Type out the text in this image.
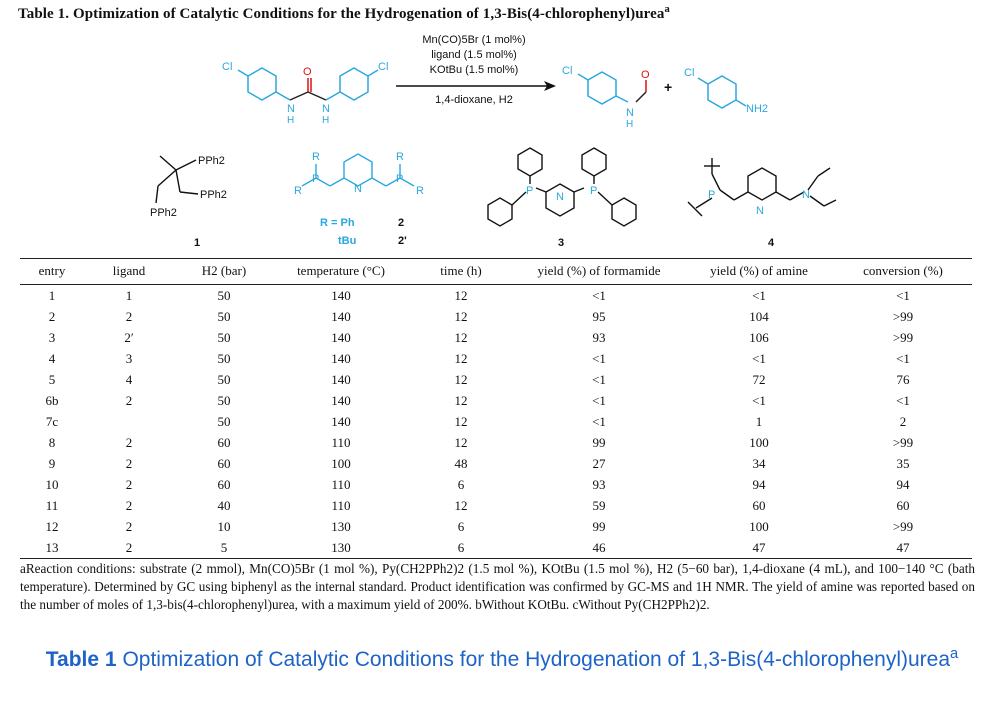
Table 1. Optimization of Catalytic Conditions for the Hydrogenation of 1,3-Bis(4-chlorophenyl)urea$^a$
O
N
H
N
H
Cl	Cl
Mn(CO)5Br (1 mol%)
ligand (1.5 mol%)
KOtBu (1.5 mol%)
1,4-dioxane, H2
O
N
H
Cl
+
Cl
NH2
PPh2
PPh2
PPh2
1
R
R
R
R
P	P
N
R = Ph
tBu
2
2'
P	P
N
3
P
N
N
4
entry	ligand	H2 (bar)	temperature (°C)	time (h)	yield (%) of formamide	yield (%) of amine	conversion (%)
1	1	50	140	12	<1	<1	<1
2	2	50	140	12	95	104	>99
3	2′	50	140	12	93	106	>99
4	3	50	140	12	<1	<1	<1
5	4	50	140	12	<1	72	76
6b	2	50	140	12	<1	<1	<1
7c		50	140	12	<1	1	2
8	2	60	110	12	99	100	>99
9	2	60	100	48	27	34	35
10	2	60	110	6	93	94	94
11	2	40	110	12	59	60	60
12	2	10	130	6	99	100	>99
13	2	5	130	6	46	47	47
aReaction conditions: substrate (2 mmol), Mn(CO)5Br (1 mol %), Py(CH2PPh2)2 (1.5 mol %), KOtBu (1.5 mol %), H2 (5−60 bar), 1,4-dioxane (4 mL), and 100−140 °C (bath temperature). Determined by GC using biphenyl as the internal standard. Product identification was confirmed by GC-MS and 1H NMR. The yield of amine was reported based on the number of moles of 1,3-bis(4-chlorophenyl)urea, with a maximum yield of 200%. bWithout KOtBu. cWithout Py(CH2PPh2)2.
Table 1 Optimization of Catalytic Conditions for the Hydrogenation of 1,3-Bis(4-chlorophenyl)urea$^a$
